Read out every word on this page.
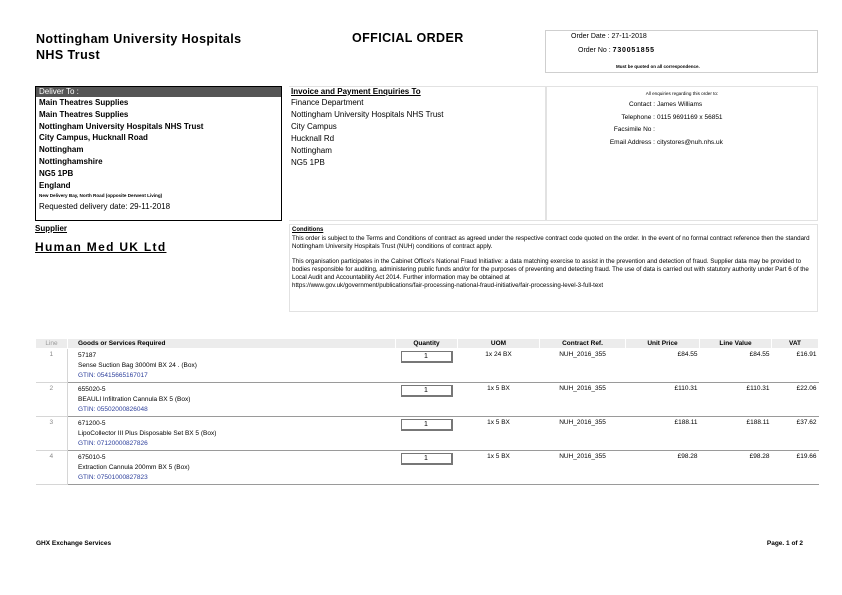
Nottingham University Hospitals
NHS Trust
OFFICIAL ORDER	Order Date : 27-11-2018
Order No : 730051855
Must be quoted on all correspondence.
Deliver To :
Main Theatres Supplies
Main Theatres Supplies
Nottingham University Hospitals NHS Trust
City Campus, Hucknall Road
Nottingham
Nottinghamshire
NG5 1PB
England
New Delivery Bay, North Road (opposite Derwent Living)
Requested delivery date: 29-11-2018
Invoice and Payment Enquiries To
Finance Department
Nottingham University Hospitals NHS Trust
City Campus
Hucknall Rd
Nottingham
NG5 1PB
All enquiries regarding this order to:
Contact : James Williams
Telephone : 0115 9691169 x 56851
Facsimile No :
Email Address : citystores@nuh.nhs.uk
Supplier
Human Med UK Ltd
Conditions
This order is subject to the Terms and Conditions of contract as agreed under the respective contract code quoted on the order. In the event of no formal contract reference then the standard Nottingham University Hospitals Trust (NUH) conditions of contract apply.
This organisation participates in the Cabinet Office's National Fraud Initiative: a data matching exercise to assist in the prevention and detection of fraud. Supplier data may be provided to bodies responsible for auditing, administering public funds and/or for the purposes of preventing and detecting fraud. The use of data is carried out with statutory authority under Part 6 of the Local Audit and Accountability Act 2014. Further information may be obtained at
https://www.gov.uk/government/publications/fair-processing-national-fraud-initiative/fair-processing-level-3-full-text
Line	Goods or Services Required	Quantity	UOM	Contract Ref.	Unit Price	Line Value	VAT
1	57187
Sense Suction Bag 3000ml BX 24 . (Box)
GTIN: 05415665167017	1	1x 24 BX	NUH_2016_355	£84.55	£84.55	£16.91
2	655020-5
BEAULI Infiltration Cannula BX 5 (Box)
GTIN: 05502000826048	1	1x 5 BX	NUH_2016_355	£110.31	£110.31	£22.06
3	671200-5
LipoCollector III Plus Disposable Set BX 5 (Box)
GTIN: 07120000827826	1	1x 5 BX	NUH_2016_355	£188.11	£188.11	£37.62
4	675010-5
Extraction Cannula 200mm BX 5 (Box)
GTIN: 07501000827823	1	1x 5 BX	NUH_2016_355	£98.28	£98.28	£19.66
GHX Exchange Services	Page. 1 of 2
